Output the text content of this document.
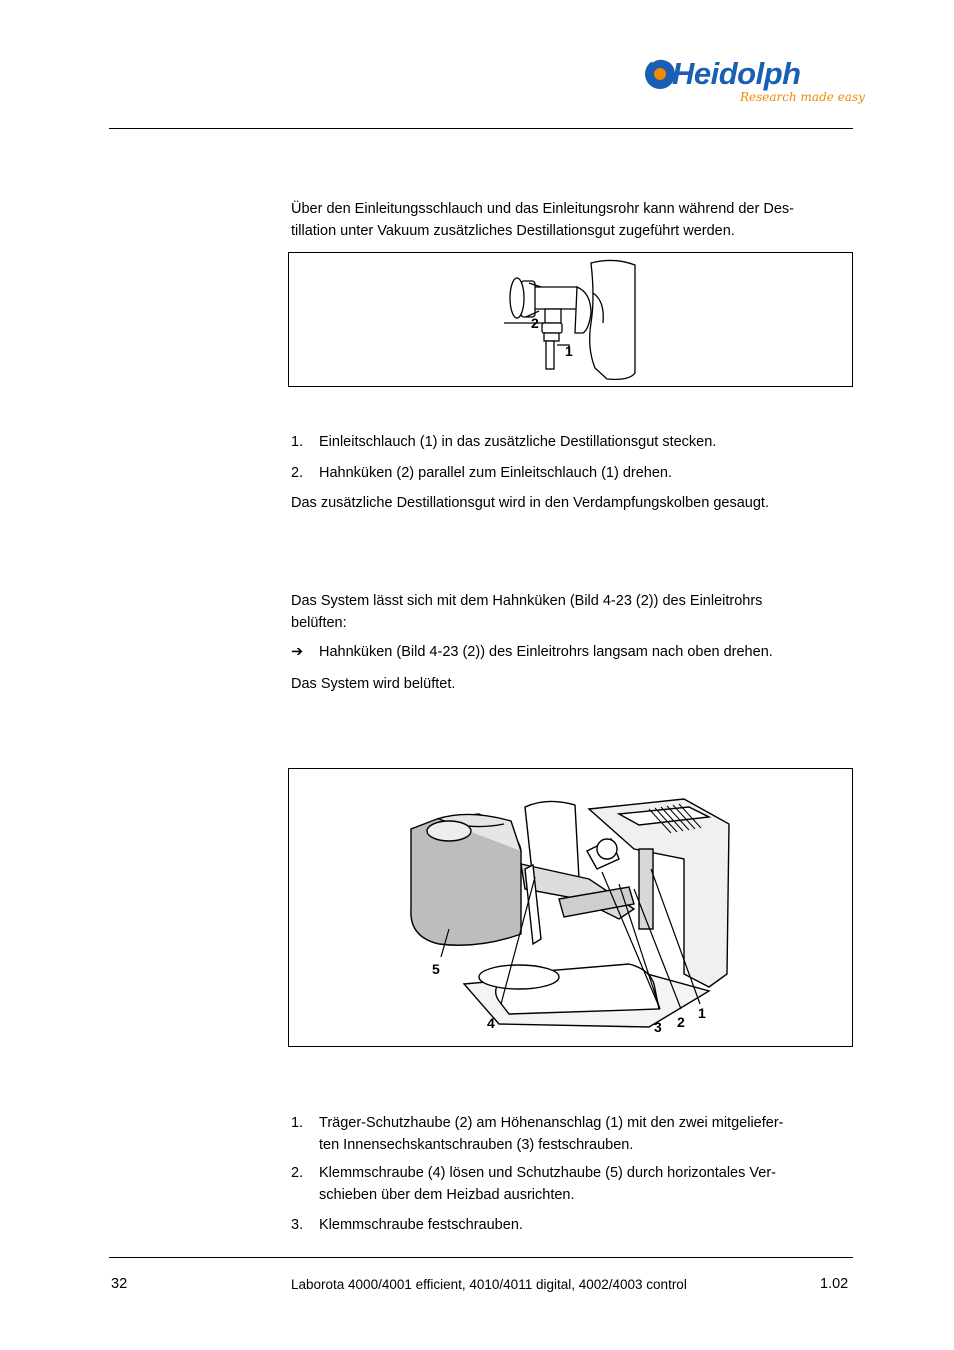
Heidolph
Research made easy
Über den Einleitungsschlauch und das Einleitungsrohr kann während der Des-
tillation unter Vakuum zusätzliches Destillationsgut zugeführt werden.
2
1
1. Einleitschlauch (1) in das zusätzliche Destillationsgut stecken.
2. Hahnküken (2) parallel zum Einleitschlauch (1) drehen.
Das zusätzliche Destillationsgut wird in den Verdampfungskolben gesaugt.
Das System lässt sich mit dem Hahnküken (Bild 4-23 (2)) des Einleitrohrs
belüften:
➔ Hahnküken (Bild 4-23 (2)) des Einleitrohrs langsam nach oben drehen.
Das System wird belüftet.
5
4	3 2
1
1. Träger-Schutzhaube (2) am Höhenanschlag (1) mit den zwei mitgeliefer-
ten Innensechskantschrauben (3) festschrauben.
2. Klemmschraube (4) lösen und Schutzhaube (5) durch horizontales Ver-
schieben über dem Heizbad ausrichten.
3. Klemmschraube festschrauben.
32	Laborota 4000/4001 efficient, 4010/4011 digital, 4002/4003 control	1.02
